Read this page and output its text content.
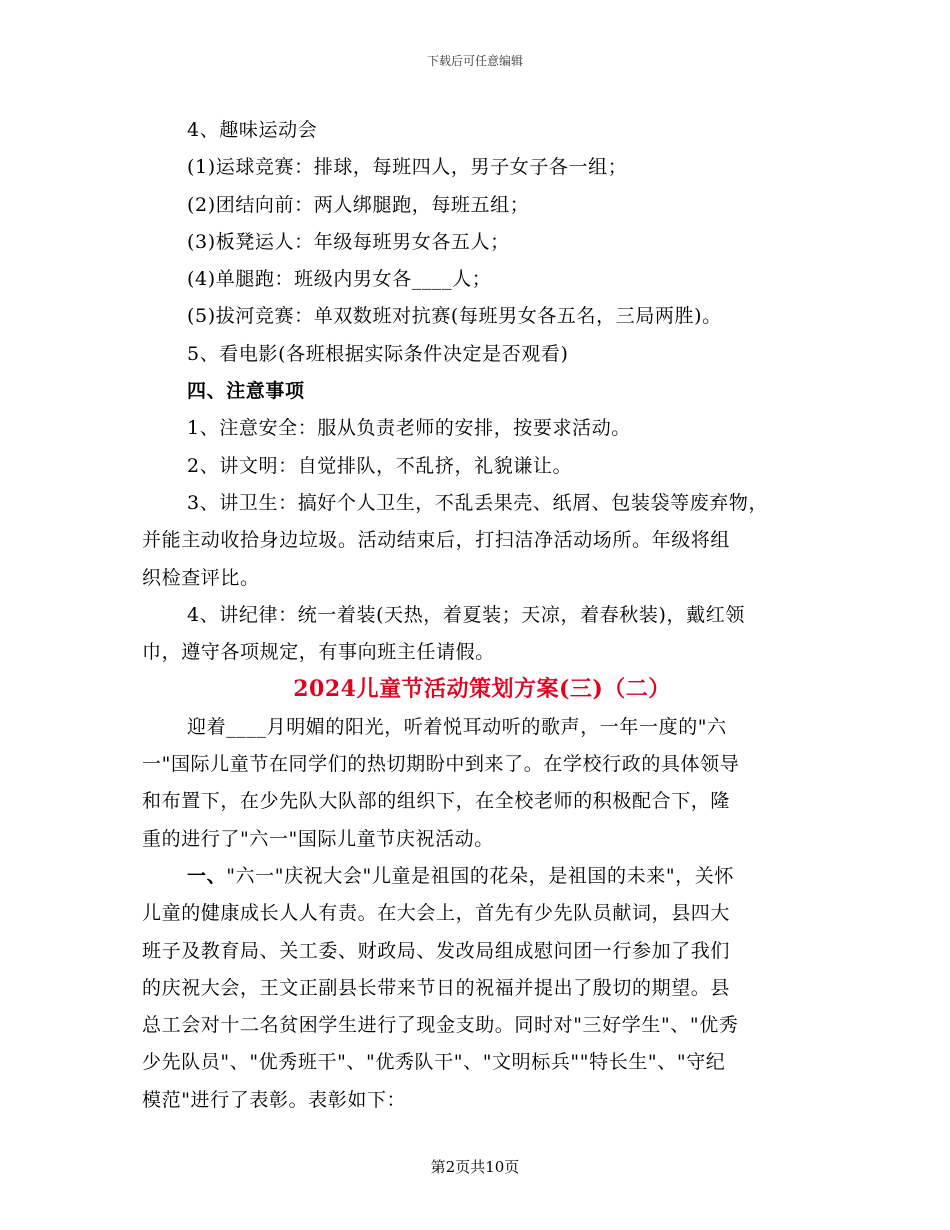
下载后可任意编辑
4、趣味运动会
(1)运球竞赛：排球，每班四人，男子女子各一组；
(2)团结向前：两人绑腿跑，每班五组；
(3)板凳运人：年级每班男女各五人；
(4)单腿跑：班级内男女各____人；
(5)拔河竞赛：单双数班对抗赛(每班男女各五名，三局两胜)。
5、看电影(各班根据实际条件决定是否观看)
四、注意事项
1、注意安全：服从负责老师的安排，按要求活动。
2、讲文明：自觉排队，不乱挤，礼貌谦让。
3、讲卫生：搞好个人卫生，不乱丢果壳、纸屑、包装袋等废弃物，
并能主动收拾身边垃圾。活动结束后，打扫洁净活动场所。年级将组
织检查评比。
4、讲纪律：统一着装(天热，着夏装；天凉，着春秋装)，戴红领
巾，遵守各项规定，有事向班主任请假。
2024儿童节活动策划方案(三)（二）
迎着____月明媚的阳光，听着悦耳动听的歌声，一年一度的"六
一"国际儿童节在同学们的热切期盼中到来了。在学校行政的具体领导
和布置下，在少先队大队部的组织下，在全校老师的积极配合下，隆
重的进行了"六一"国际儿童节庆祝活动。
一、"六一"庆祝大会"儿童是祖国的花朵，是祖国的未来"，关怀
儿童的健康成长人人有责。在大会上，首先有少先队员献词，县四大
班子及教育局、关工委、财政局、发改局组成慰问团一行参加了我们
的庆祝大会，王文正副县长带来节日的祝福并提出了殷切的期望。县
总工会对十二名贫困学生进行了现金支助。同时对"三好学生"、"优秀
少先队员"、"优秀班干"、"优秀队干"、"文明标兵""特长生"、"守纪
模范"进行了表彰。表彰如下：
第2页共10页
